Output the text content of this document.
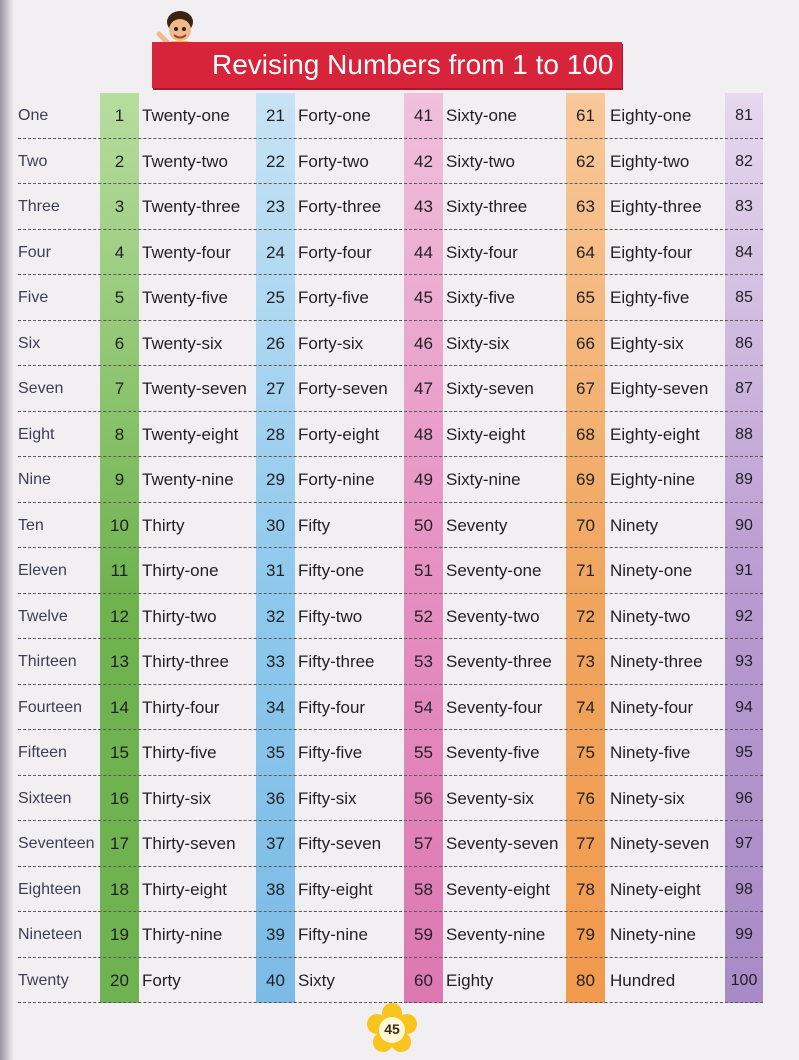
Revising Numbers from 1 to 100
One	1	Twenty-one	21 Forty-one	41 Sixty-one	61 Eighty-one	81
Two	2	Twenty-two	22 Forty-two	42 Sixty-two	62 Eighty-two	82
Three	3	Twenty-three	23 Forty-three	43 Sixty-three	63 Eighty-three	83
Four	4	Twenty-four	24 Forty-four	44 Sixty-four	64 Eighty-four	84
Five	5	Twenty-five	25 Forty-five	45 Sixty-five	65 Eighty-five	85
Six	6	Twenty-six	26 Forty-six	46 Sixty-six	66 Eighty-six	86
Seven	7	Twenty-seven	27 Forty-seven	47 Sixty-seven	67 Eighty-seven	87
Eight	8	Twenty-eight	28 Forty-eight	48 Sixty-eight	68 Eighty-eight	88
Nine	9	Twenty-nine	29 Forty-nine	49 Sixty-nine	69 Eighty-nine	89
Ten	10 Thirty	30 Fifty	50 Seventy	70 Ninety	90
Eleven	11 Thirty-one	31 Fifty-one	51 Seventy-one	71 Ninety-one	91
Twelve	12 Thirty-two	32 Fifty-two	52 Seventy-two	72 Ninety-two	92
Thirteen	13 Thirty-three	33 Fifty-three	53 Seventy-three	73 Ninety-three	93
Fourteen	14 Thirty-four	34 Fifty-four	54 Seventy-four	74 Ninety-four	94
Fifteen	15 Thirty-five	35 Fifty-five	55 Seventy-five	75 Ninety-five	95
Sixteen	16 Thirty-six	36 Fifty-six	56 Seventy-six	76 Ninety-six	96
Seventeen 17 Thirty-seven	37 Fifty-seven	57 Seventy-seven	77 Ninety-seven	97
Eighteen	18 Thirty-eight	38 Fifty-eight	58 Seventy-eight	78 Ninety-eight	98
Nineteen	19 Thirty-nine	39 Fifty-nine	59 Seventy-nine	79 Ninety-nine	99
Twenty	20 Forty	40 Sixty	60 Eighty	80 Hundred	100
45
